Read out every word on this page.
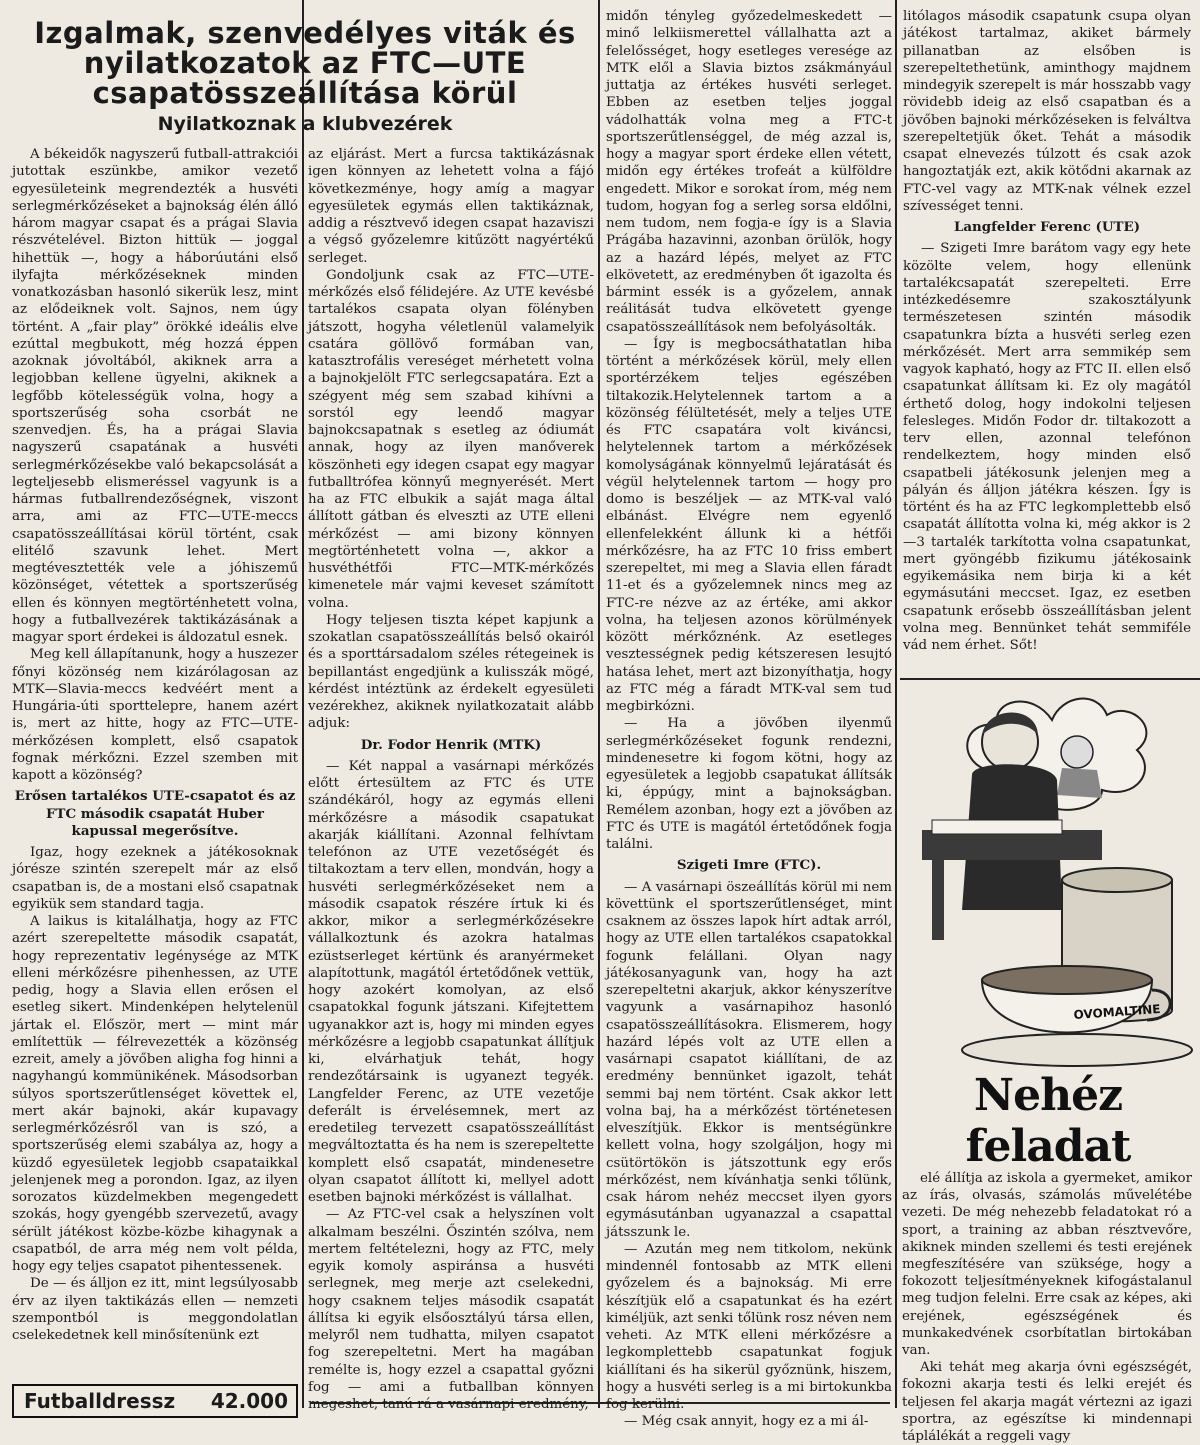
Izgalmak, szenvedélyes viták és nyilatkozatok az FTC—UTE csapatösszeállítása körül
Nyilatkoznak a klubvezérek

A békeidők nagyszerű futball-attrakciói jutottak eszünkbe, amikor vezető egyesületeink megrendezték a husvéti serlegmérkőzéseket a bajnokság élén álló három magyar csapat és a prágai Slavia részvételével. Bizton hittük — joggal hihettük —, hogy a háborúutáni első ilyfajta mérkőzéseknek minden vonatkozásban hasonló sikerük lesz, mint az elődeiknek volt. Sajnos, nem úgy történt. A „fair play” örökké ideális elve ezúttal megbukott, még hozzá éppen azoknak jóvoltából, akiknek arra a legjobban kellene ügyelni, akiknek a legfőbb kötelességük volna, hogy a sportszerűség soha csorbát ne szenvedjen. És, ha a prágai Slavia nagyszerű csapatának a husvéti serlegmérkőzésekbe való bekapcsolását a legteljesebb elismeréssel vagyunk is a hármas futballrendezőségnek, viszont arra, ami az FTC—UTE-meccs csapatösszeállításai körül történt, csak elitélő szavunk lehet. Mert megtévesztették vele a jóhiszemű közönséget, vétettek a sportszerűség ellen és könnyen megtörténhetett volna, hogy a futballvezérek taktikázásának a magyar sport érdekei is áldozatul esnek.

Meg kell állapítanunk, hogy a huszezer főnyi közönség nem kizárólagosan az MTK—Slavia-meccs kedvéért ment a Hungária-úti sporttelepre, hanem azért is, mert az hitte, hogy az FTC—UTE-mérkőzésen komplett, első csapatok fognak mérkőzni. Ezzel szemben mit kapott a közönség?

Erősen tartalékos UTE-csapatot és az FTC második csapatát Huber kapussal megerősítve.

Igaz, hogy ezeknek a játékosoknak jórésze szintén szerepelt már az első csapatban is, de a mostani első csapatnak egyikük sem standard tagja.

A laikus is kitalálhatja, hogy az FTC azért szerepeltette második csapatát, hogy reprezentativ legénysége az MTK elleni mérkőzésre pihenhessen, az UTE pedig, hogy a Slavia ellen erősen el esetleg sikert. Mindenképen helytelenül jártak el. Először, mert — mint már említettük — félrevezették a közönség ezreit, amely a jövőben aligha fog hinni a nagyhangú kommünikének. Másodsorban súlyos sportszerűtlenséget követtek el, mert akár bajnoki, akár kupavagy serlegmérkőzésről van is szó, a sportszerűség elemi szabálya az, hogy a küzdő egyesületek legjobb csapataikkal jelenjenek meg a porondon. Igaz, az ilyen sorozatos küzdelmekben megengedett szokás, hogy gyengébb szervezetű, avagy sérült játékost közbe-közbe kihagynak a csapatból, de arra még nem volt példa, hogy egy teljes csapatot pihentessenek.

De — és álljon ez itt, mint legsúlyosabb érv az ilyen taktikázás ellen — nemzeti szempontból is meggondolatlan cselekedetnek kell minősítenünk ezt

az eljárást. Mert a furcsa taktikázásnak igen könnyen az lehetett volna a fájó következménye, hogy amíg a magyar egyesületek egymás ellen taktikáznak, addig a résztvevő idegen csapat hazaviszi a végső győzelemre kitűzött nagyértékű serleget.

Gondoljunk csak az FTC—UTE-mérkőzés első félidejére. Az UTE kevésbé tartalékos csapata olyan fölényben játszott, hogyha véletlenül valamelyik csatára göllövő formában van, katasztrofális vereséget mérhetett volna a bajnokjelölt FTC serlegcsapatára. Ezt a szégyent még sem szabad kihívni a sorstól egy leendő magyar bajnokcsapatnak s esetleg az ódiumát annak, hogy az ilyen manőverek köszönheti egy idegen csapat egy magyar futballtrófea könnyű megnyerését. Mert ha az FTC elbukik a saját maga által állított gátban és elveszti az UTE elleni mérkőzést — ami bizony könnyen megtörténhetett volna —, akkor a husvéthétfői FTC—MTK-mérkőzés kimenetele már vajmi keveset számított volna.

Hogy teljesen tiszta képet kapjunk a szokatlan csapatösszeállítás belső okairól és a sporttársadalom széles rétegeinek is bepillantást engedjünk a kulisszák mögé, kérdést intéztünk az érdekelt egyesületi vezérekhez, akiknek nyilatkozatait alább adjuk:

Dr. Fodor Henrik (MTK)

— Két nappal a vasárnapi mérkőzés előtt értesültem az FTC és UTE szándékáról, hogy az egymás elleni mérkőzésre a második csapatukat akarják kiállítani. Azonnal felhívtam telefónon az UTE vezetőségét és tiltakoztam a terv ellen, mondván, hogy a husvéti serlegmérkőzéseket nem a második csapatok részére írtuk ki és akkor, mikor a serlegmérkőzésekre vállalkoztunk és azokra hatalmas ezüstserleget kértünk és aranyérmeket alapítottunk, magától értetődőnek vettük, hogy azokért komolyan, az első csapatokkal fogunk játszani. Kifejtettem ugyanakkor azt is, hogy mi minden egyes mérkőzésre a legjobb csapatunkat állítjuk ki, elvárhatjuk tehát, hogy rendezőtársaink is ugyanezt tegyék. Langfelder Ferenc, az UTE vezetője deferált is érvelésemnek, mert az eredetileg tervezett csapatösszeállítást megváltoztatta és ha nem is szerepeltette komplett első csapatát, mindenesetre olyan csapatot állított ki, mellyel adott esetben bajnoki mérkőzést is vállalhat.

— Az FTC-vel csak a helyszínen volt alkalmam beszélni. Őszintén szólva, nem mertem feltételezni, hogy az FTC, mely egyik komoly aspiránsa a husvéti serlegnek, meg merje azt cselekedni, hogy csaknem teljes második csapatát állítsa ki egyik elsőosztályú társa ellen, melyről nem tudhatta, milyen csapatot fog szerepeltetni. Mert ha magában remélte is, hogy ezzel a csapattal győzni fog — ami a futballban könnyen megeshet, tanú rá a vasárnapi eredmény,

midőn tényleg győzedelmeskedett — minő lelkiismerettel vállalhatta azt a felelősséget, hogy esetleges veresége az MTK elől a Slavia biztos zsákmányául juttatja az értékes husvéti serleget. Ebben az esetben teljes joggal vádolhatták volna meg a FTC-t sportszerűtlenséggel, de még azzal is, hogy a magyar sport érdeke ellen vétett, midőn egy értékes trofeát a külföldre engedett. Mikor e sorokat írom, még nem tudom, hogyan fog a serleg sorsa eldőlni, nem tudom, nem fogja-e így is a Slavia Prágába hazavinni, azonban örülök, hogy az a hazárd lépés, melyet az FTC elkövetett, az eredményben őt igazolta és bármint essék is a győzelem, annak reálitását tudva elkövetett gyenge csapatösszeállítások nem befolyásolták.

— Így is megbocsáthatatlan hiba történt a mérkőzések körül, mely ellen sportérzékem teljes egészében tiltakozik.Helytelennek tartom a a közönség félültetését, mely a teljes UTE és FTC csapatára volt kiváncsi, helytelennek tartom a mérkőzések komolyságának könnyelmű lejáratását és végül helytelennek tartom — hogy pro domo is beszéljek — az MTK-val való elbánást. Elvégre nem egyenlő ellenfelekként állunk ki a hétfői mérkőzésre, ha az FTC 10 friss embert szerepeltet, mi meg a Slavia ellen fáradt 11-et és a győzelemnek nincs meg az FTC-re nézve az az értéke, ami akkor volna, ha teljesen azonos körülmények között mérkőznénk. Az esetleges vesztességnek pedig kétszeresen lesujtó hatása lehet, mert azt bizonyíthatja, hogy az FTC még a fáradt MTK-val sem tud megbirkózni.

— Ha a jövőben ilyenmű serlegmérkőzéseket fogunk rendezni, mindenesetre ki fogom kötni, hogy az egyesületek a legjobb csapatukat állítsák ki, éppúgy, mint a bajnokságban. Remélem azonban, hogy ezt a jövőben az FTC és UTE is magától értetődőnek fogja találni.

Szigeti Imre (FTC).

— A vasárnapi öszeállítás körül mi nem követtünk el sportszerűtlenséget, mint csaknem az összes lapok hírt adtak arról, hogy az UTE ellen tartalékos csapatokkal fogunk felállani. Olyan nagy játékosanyagunk van, hogy ha azt szerepeltetni akarjuk, akkor kényszerítve vagyunk a vasárnapihoz hasonló csapatösszeállításokra. Elismerem, hogy hazárd lépés volt az UTE ellen a vasárnapi csapatot kiállítani, de az eredmény bennünket igazolt, tehát semmi baj nem történt. Csak akkor lett volna baj, ha a mérkőzést történetesen elveszítjük. Ekkor is mentségünkre kellett volna, hogy szolgáljon, hogy mi csütörtökön is játszottunk egy erős mérkőzést, nem kívánhatja senki tőlünk, csak három nehéz meccset ilyen gyors egymásutánban ugyanazzal a csapattal játsszunk le.

— Azután meg nem titkolom, nekünk mindennél fontosabb az MTK elleni győzelem és a bajnokság. Mi erre készítjük elő a csapatunkat és ha ezért kiméljük, azt senki tőlünk rosz néven nem veheti. Az MTK elleni mérkőzésre a legkomplettebb csapatunkat fogjuk kiállítani és ha sikerül győznünk, hiszem, hogy a husvéti serleg is a mi birtokunkba fog kerülni.

— Még csak annyit, hogy ez a mi ál-

litólagos második csapatunk csupa olyan játékost tartalmaz, akiket bármely pillanatban az elsőben is szerepeltethetünk, aminthogy majdnem mindegyik szerepelt is már hosszabb vagy rövidebb ideig az első csapatban és a jövőben bajnoki mérkőzéseken is felváltva szerepeltetjük őket. Tehát a második csapat elnevezés túlzott és csak azok hangoztatják ezt, akik kötődni akarnak az FTC-vel vagy az MTK-nak vélnek ezzel szívességet tenni.

Langfelder Ferenc (UTE)

— Szigeti Imre barátom vagy egy hete közölte velem, hogy ellenünk tartalékcsapatát szerepelteti. Erre intézkedésemre szakosztályunk természetesen szintén második csapatunkra bízta a husvéti serleg ezen mérkőzését. Mert arra semmikép sem vagyok kapható, hogy az FTC II. ellen első csapatunkat állítsam ki. Ez oly magától érthető dolog, hogy indokolni teljesen felesleges. Midőn Fodor dr. tiltakozott a terv ellen, azonnal telefónon rendelkeztem, hogy minden első csapatbeli játékosunk jelenjen meg a pályán és álljon játékra készen. Így is történt és ha az FTC legkomplettebb első csapatát állította volna ki, még akkor is 2—3 tartalék tarkította volna csapatunkat, mert gyöngébb fizikumu játékosaink egyikemásika nem birja ki a két egymásutáni meccset. Igaz, ez esetben csapatunk erősebb összeállításban jelent volna meg. Bennünket tehát semmiféle vád nem érhet. Sőt!

Nehéz feladat
OVOMALTINE

elé állítja az iskola a gyermeket, amikor az írás, olvasás, számolás művelétébe vezeti. De még nehezebb feladatokat ró a sport, a training az abban résztvevőre, akiknek minden szellemi és testi erejének megfeszítésére van szüksége, hogy a fokozott teljesítményeknek kifogástalanul meg tudjon felelni. Erre csak az képes, aki erejének, egészségének és munkakedvének csorbítatlan birtokában van.

Aki tehát meg akarja óvni egészségét, fokozni akarja testi és lelki erejét és teljesen fel akarja magát vértezni az igazi sportra, az egészítse ki mindennapi táplálékát a reggeli vagy

Futballdressz 42.000
